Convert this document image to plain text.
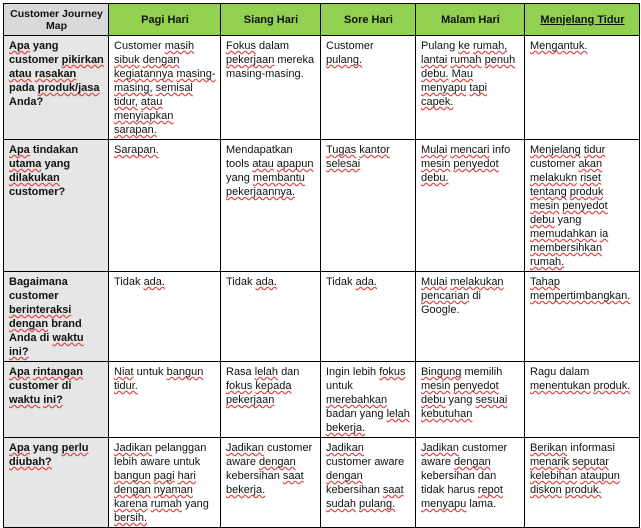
Customer Journey Map	Pagi Hari	Siang Hari	Sore Hari	Malam Hari	Menjelang Tidur
Apa yang customer pikirkan atau rasakan pada produk/jasa Anda?	Customer masih sibuk dengan kegiatannya masing-masing, semisal tidur, atau menyiapkan sarapan.	Fokus dalam pekerjaan mereka masing-masing.	Customer pulang.	Pulang ke rumah, lantai rumah penuh debu. Mau menyapu tapi capek.	Mengantuk.
Apa tindakan utama yang dilakukan customer?	Sarapan.	Mendapatkan tools atau apapun yang membantu pekerjaannya.	Tugas kantor selesai	Mulai mencari info mesin penyedot debu.	Menjelang tidur customer akan melakukn riset tentang produk mesin penyedot debu yang memudahkan ia membersihkan rumah.
Bagaimana customer berinteraksi dengan brand Anda di waktu ini?	Tidak ada.	Tidak ada.	Tidak ada.	Mulai melakukan pencarian di Google.	Tahap mempertimbangkan.
Apa rintangan customer di waktu ini?	Niat untuk bangun tidur.	Rasa lelah dan fokus kepada pekerjaan	Ingin lebih fokus untuk merebahkan badan yang lelah bekerja.	Bingung memilih mesin penyedot debu yang sesuai kebutuhan	Ragu dalam menentukan produk.
Apa yang perlu diubah?	Jadikan pelanggan lebih aware untuk bangun pagi hari dengan nyaman karena rumah yang bersih.	Jadikan customer aware dengan kebersihan saat bekerja.	Jadikan customer aware dengan kebersihan saat sudah pulang.	Jadikan customer aware dengan kebersihan dan tidak harus repot menyapu lama.	Berikan informasi menarik seputar kelebihan ataupun diskon produk.
